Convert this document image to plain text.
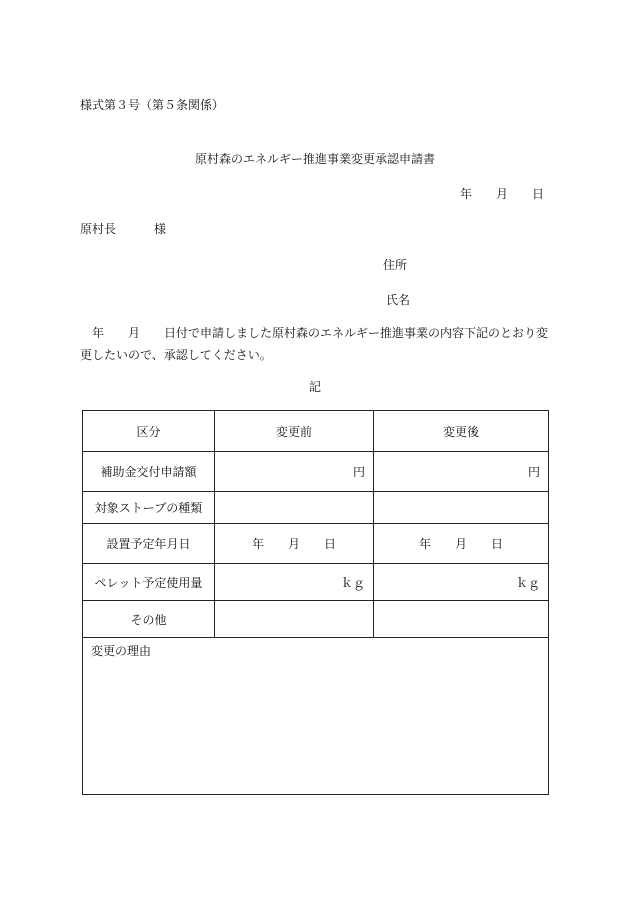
様式第３号（第５条関係）
原村森のエネルギー推進事業変更承認申請書
年 月 日
原村長	様
住所
氏名
　年　　月　　日付で申請しました原村森のエネルギー推進事業の内容下記のとおり変更したいので、承認してください。
記
区分	変更前	変更後
補助金交付申請額	円	円
対象ストーブの種類		
設置予定年月日	年　　月　　日	年　　月　　日
ペレット予定使用量	ｋｇ	ｋｇ
その他		
変更の理由		
